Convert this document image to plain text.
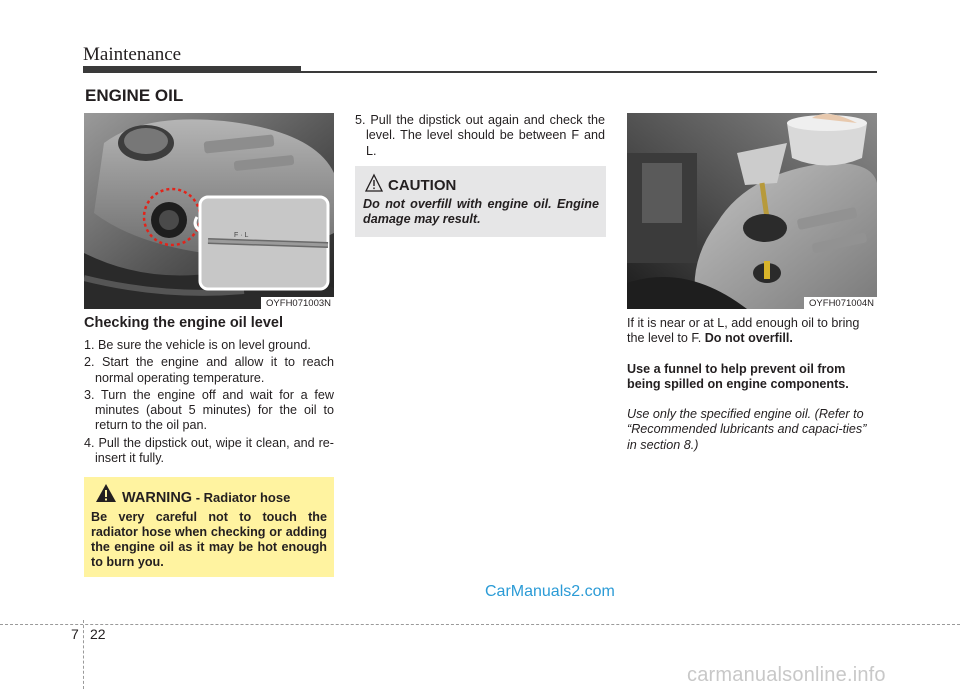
Maintenance
ENGINE OIL
F · L
OYFH071003N
Checking the engine oil level
1. Be sure the vehicle is on level ground.
2. Start the engine and allow it to reach normal operating temperature.
3. Turn the engine off and wait for a few minutes (about 5 minutes) for the oil to return to the oil pan.
4. Pull the dipstick out, wipe it clean, and re-insert it fully.
WARNING - Radiator hose
Be very careful not to touch the radiator hose when checking or adding the engine oil as it may be hot enough to burn you.
5. Pull the dipstick out again and check the level. The level should be between F and L.
CAUTION
Do not overfill with engine oil. Engine damage may result.
OYFH071004N

If it is near or at L, add enough oil to bring the level to F. Do not overfill.

Use a funnel to help prevent oil from being spilled on engine components.
Use only the specified engine oil. (Refer to “Recommended lubricants and capaci-ties” in section 8.)
CarManuals2.com
7 22
carmanualsonline.info
